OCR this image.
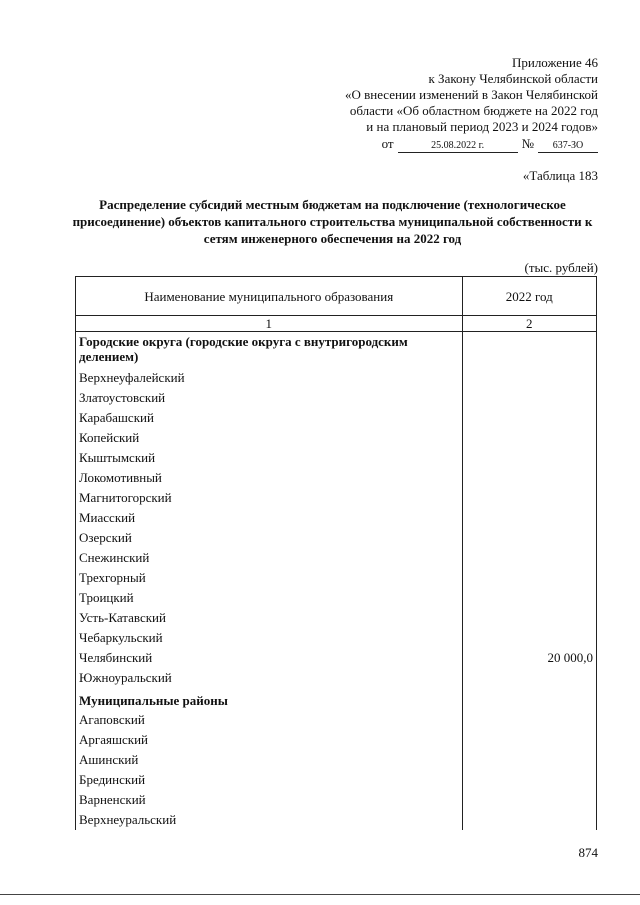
Приложение 46
к Закону Челябинской области
«О внесении изменений в Закон Челябинской
области «Об областном бюджете на 2022 год
и на плановый период 2023 и 2024 годов»
от	25.08.2022 г.	№ 637-ЗО
«Таблица 183
Распределение субсидий местным бюджетам на подключение (технологическое присоединение) объектов капитального строительства муниципальной собственности к сетям инженерного обеспечения на 2022 год
(тыс. рублей)
Наименование муниципального образования	2022 год
1	2
Городские округа (городские округа с внутригородским делением)	
Верхнеуфалейский	
Златоустовский	
Карабашский	
Копейский	
Кыштымский	
Локомотивный	
Магнитогорский	
Миасский	
Озерский	
Снежинский	
Трехгорный	
Троицкий	
Усть-Катавский	
Чебаркульский	
Челябинский	20 000,0
Южноуральский	
Муниципальные районы	
Агаповский	
Аргаяшский	
Ашинский	
Брединский	
Варненский	
Верхнеуральский	
874
